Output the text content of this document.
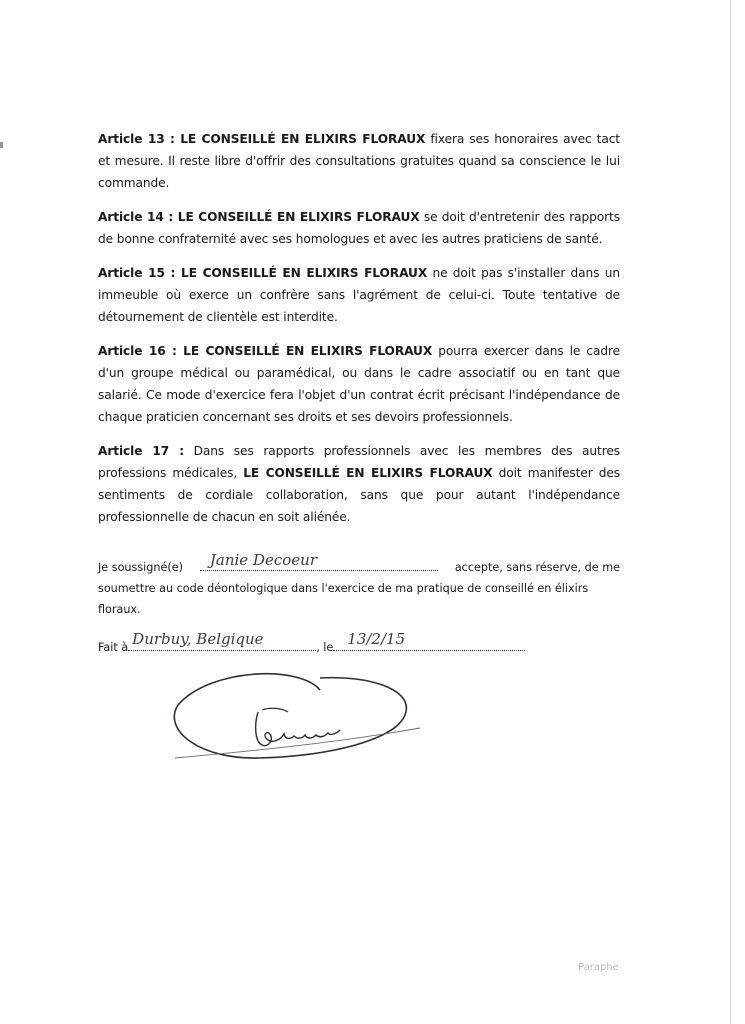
Article 13 : LE CONSEILLÉ EN ELIXIRS FLORAUX fixera ses honoraires avec tact et mesure. Il reste libre d'offrir des consultations gratuites quand sa conscience le lui commande.

Article 14 : LE CONSEILLÉ EN ELIXIRS FLORAUX se doit d'entretenir des rapports de bonne confraternité avec ses homologues et avec les autres praticiens de santé.

Article 15 : LE CONSEILLÉ EN ELIXIRS FLORAUX ne doit pas s'installer dans un immeuble où exerce un confrère sans l'agrément de celui-ci. Toute tentative de détournement de clientèle est interdite.

Article 16 : LE CONSEILLÉ EN ELIXIRS FLORAUX pourra exercer dans le cadre d'un groupe médical ou paramédical, ou dans le cadre associatif ou en tant que salarié. Ce mode d'exercice fera l'objet d'un contrat écrit précisant l'indépendance de chaque praticien concernant ses droits et ses devoirs professionnels.

Article 17 : Dans ses rapports professionnels avec les membres des autres professions médicales, LE CONSEILLÉ EN ELIXIRS FLORAUX doit manifester des sentiments de cordiale collaboration, sans que pour autant l'indépendance professionnelle de chacun en soit aliénée.

Je soussigné(e) Janie Decoeur	accepte, sans réserve, de me
soumettre au code déontologique dans l'exercice de ma pratique de conseillé en élixirs floraux.
Fait à Durbuy, Belgique	, le 13/2/15
Paraphe
